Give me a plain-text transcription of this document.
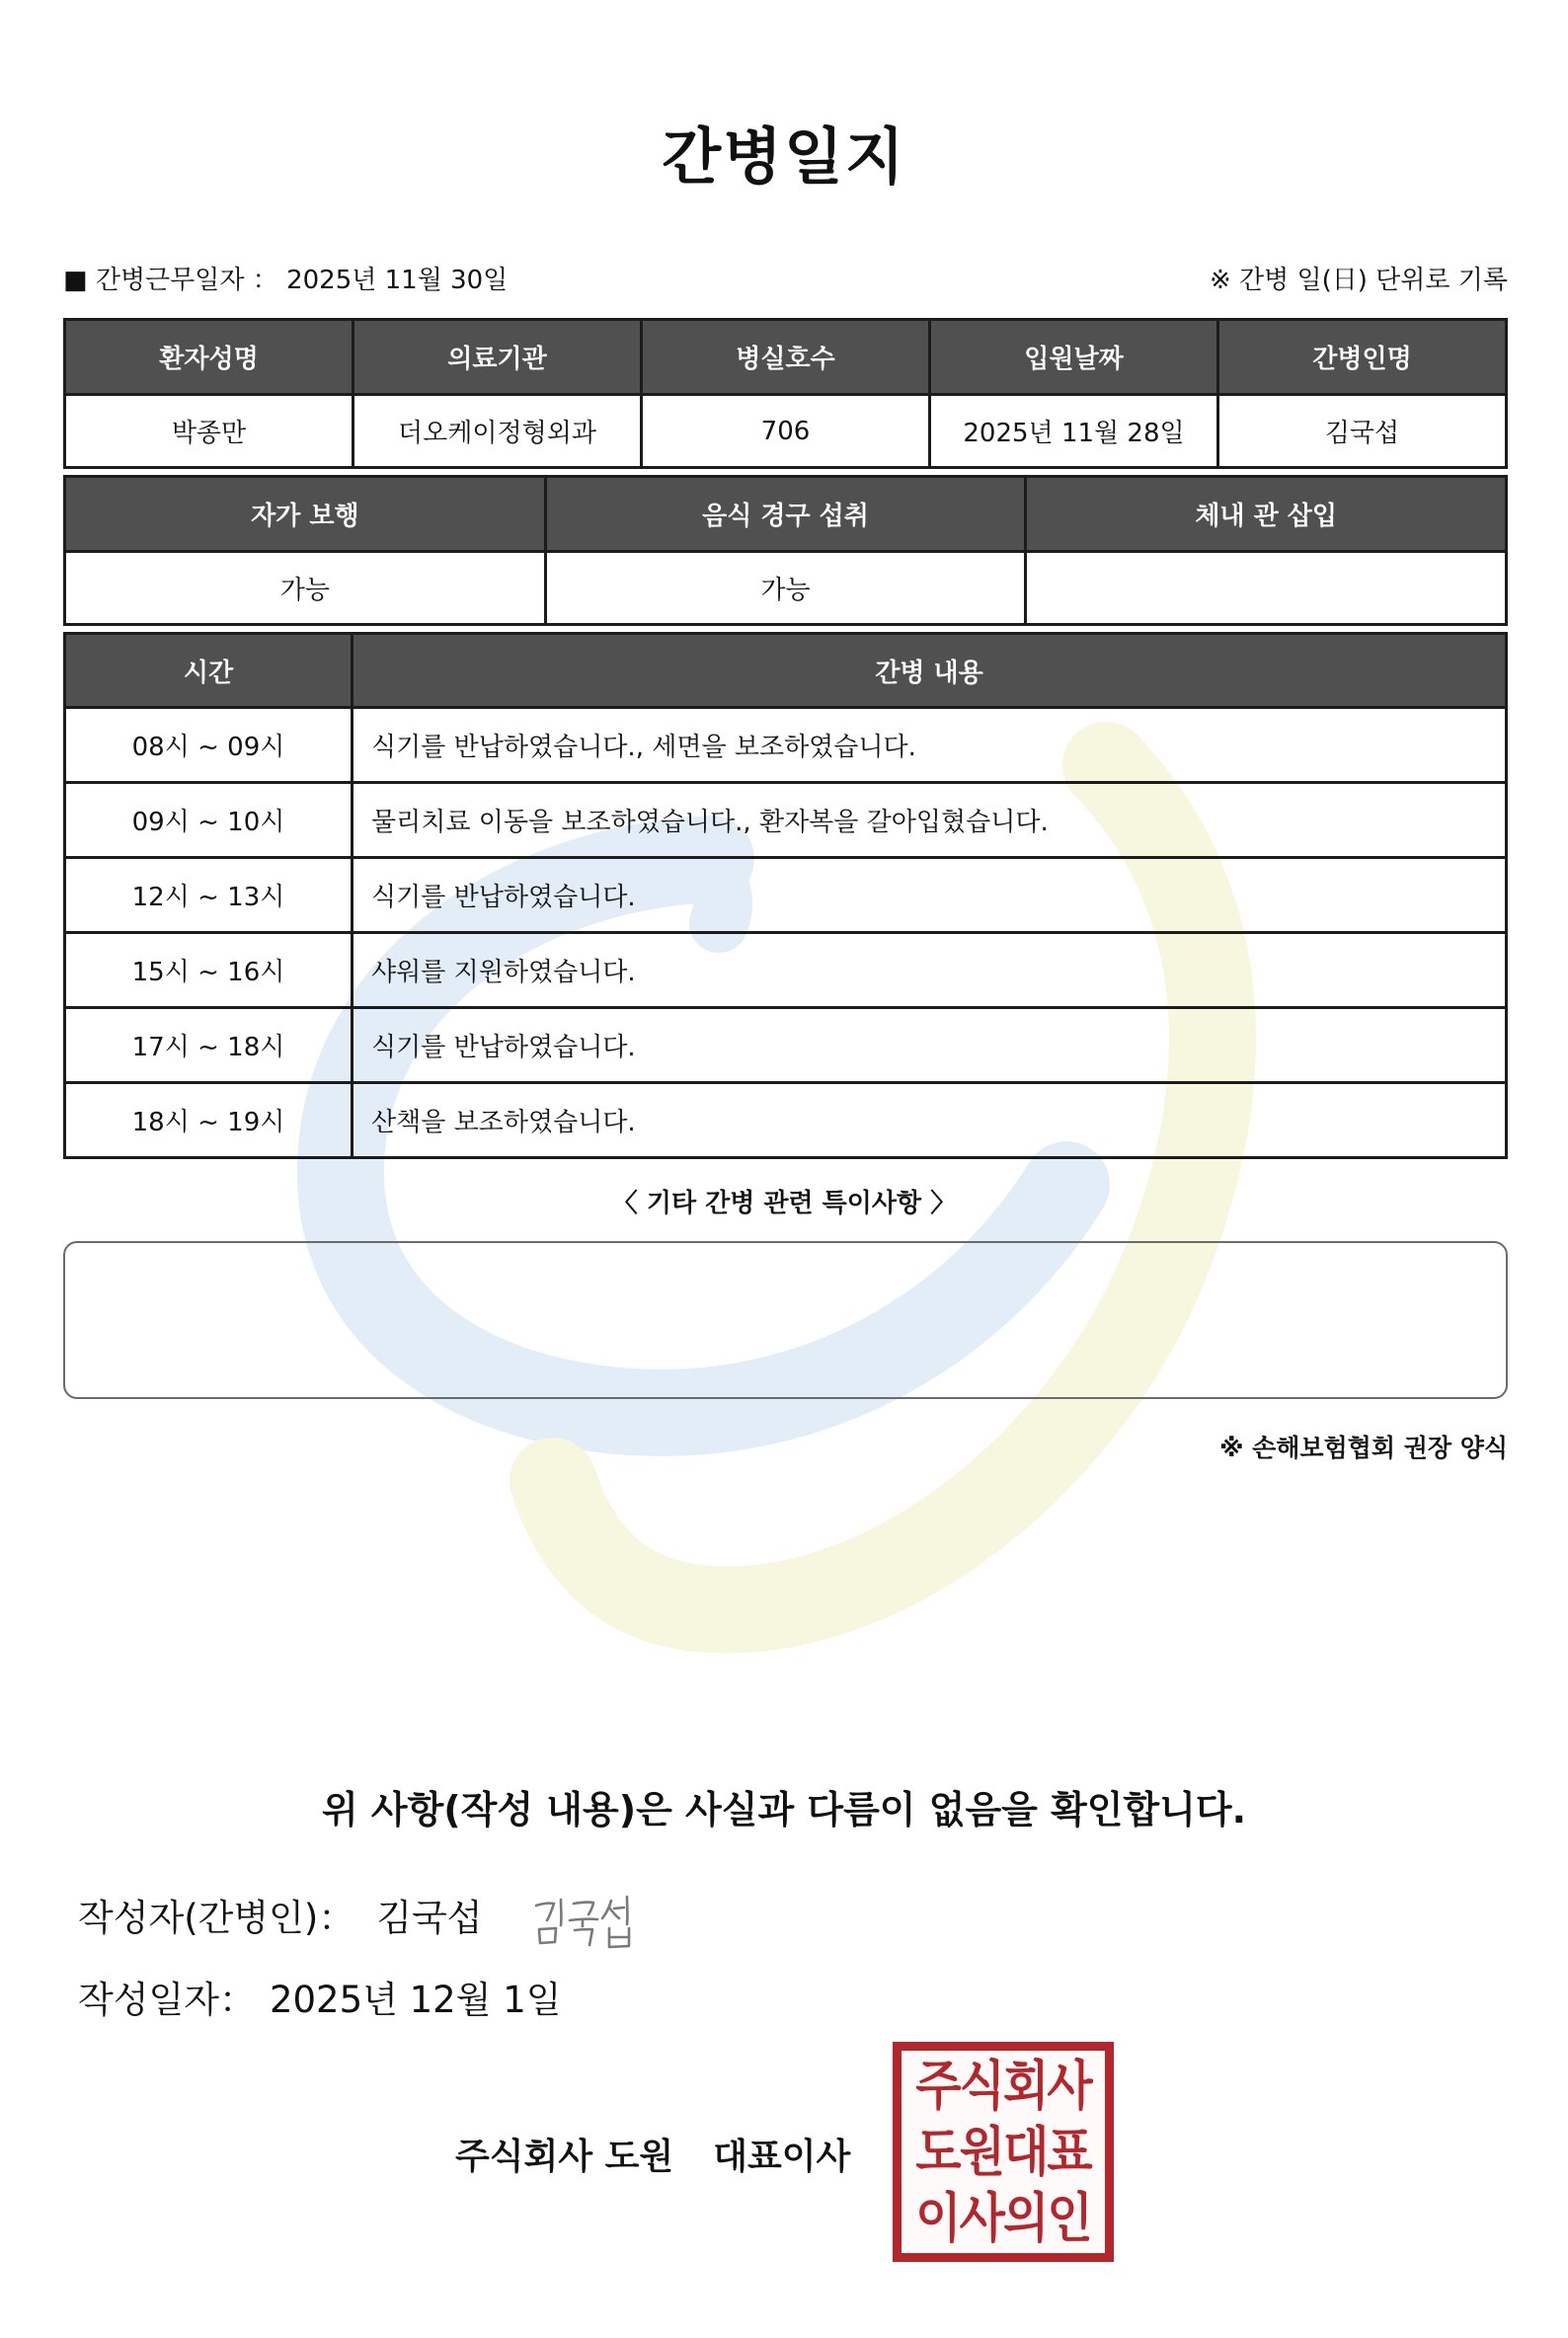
간병일지
■ 간병근무일자 ： 2025년 11월 30일	※ 간병 일(日) 단위로 기록
환자성명	의료기관	병실호수	입원날짜	간병인명
박종만	더오케이정형외과	706	2025년 11월 28일	김국섭
자가 보행	음식 경구 섭취	체내 관 삽입
가능	가능	
시간	간병 내용
08시 ~ 09시	식기를 반납하였습니다., 세면을 보조하였습니다.
09시 ~ 10시	물리치료 이동을 보조하였습니다., 환자복을 갈아입혔습니다.
12시 ~ 13시	식기를 반납하였습니다.
15시 ~ 16시	샤워를 지원하였습니다.
17시 ~ 18시	식기를 반납하였습니다.
18시 ~ 19시	산책을 보조하였습니다.
〈 기타 간병 관련 특이사항 〉
※ 손해보험협회 권장 양식
위 사항(작성 내용)은 사실과 다름이 없음을 확인합니다.
작성자(간병인)： 김국섭
작성일자： 2025년 12월 1일
주식회사 도원 대표이사
주식회사
도원대표
이사의인
